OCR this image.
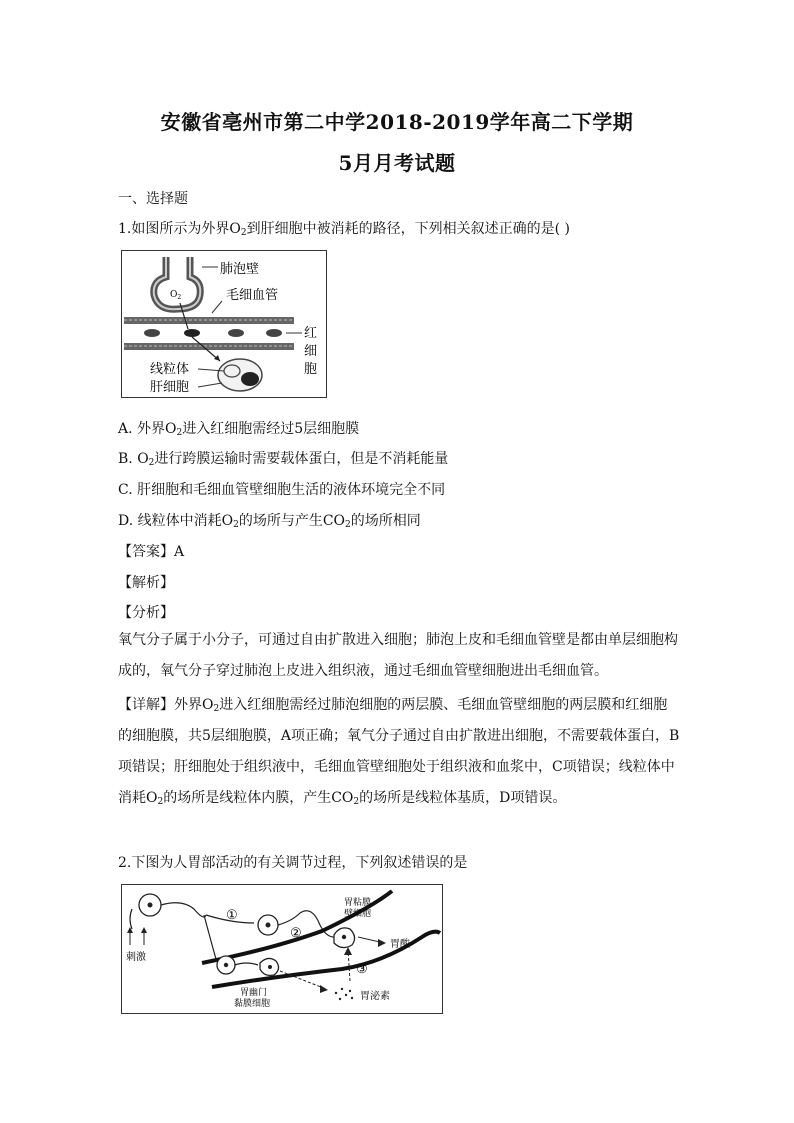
安徽省亳州市第二中学2018-2019学年高二下学期
5月月考试题
一、选择题
1.如图所示为外界$O_2$到肝细胞中被消耗的路径，下列相关叙述正确的是( )
肺泡壁
$O_2$	毛细血管
红
细
胞
线粒体
肝细胞
A. 外界$O_2$进入红细胞需经过5层细胞膜
B. $O_2$进行跨膜运输时需要载体蛋白，但是不消耗能量
C. 肝细胞和毛细血管壁细胞生活的液体环境完全不同
D. 线粒体中消耗$O_2$的场所与产生$CO_2$的场所相同
【答案】A
【解析】
【分析】
氧气分子属于小分子，可通过自由扩散进入细胞；肺泡上皮和毛细血管壁是都由单层细胞构成的，氧气分子穿过肺泡上皮进入组织液，通过毛细血管壁细胞进出毛细血管。
【详解】外界$O_2$进入红细胞需经过肺泡细胞的两层膜、毛细血管壁细胞的两层膜和红细胞的细胞膜，共5层细胞膜，A项正确；氧气分子通过自由扩散进出细胞，不需要载体蛋白，B项错误；肝细胞处于组织液中，毛细血管壁细胞处于组织液和血浆中，C项错误；线粒体中消耗$O_2$的场所是线粒体内膜，产生$CO_2$的场所是线粒体基质，D项错误。
2.下图为人胃部活动的有关调节过程，下列叙述错误的是
①
②
胃粘膜
壁细胞
胃酸
刺激
胃幽门
黏膜细胞
胃泌素
③
